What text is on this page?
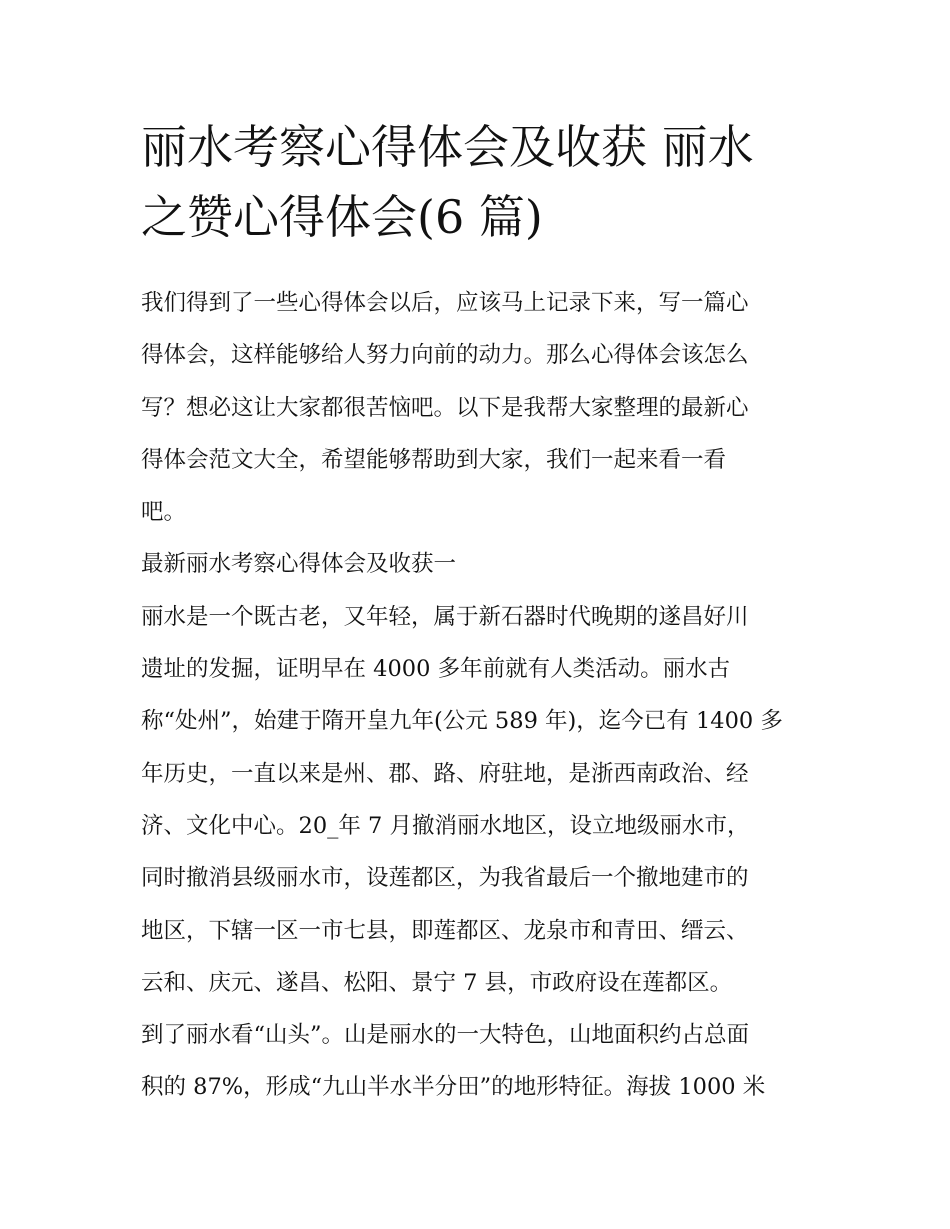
丽水考察心得体会及收获 丽水
之赞心得体会(6 篇)
我们得到了一些心得体会以后，应该马上记录下来，写一篇心
得体会，这样能够给人努力向前的动力。那么心得体会该怎么
写？想必这让大家都很苦恼吧。以下是我帮大家整理的最新心
得体会范文大全，希望能够帮助到大家，我们一起来看一看
吧。
最新丽水考察心得体会及收获一
丽水是一个既古老，又年轻，属于新石器时代晚期的遂昌好川
遗址的发掘，证明早在 4000 多年前就有人类活动。丽水古
称“处州”，始建于隋开皇九年(公元 589 年)，迄今已有 1400 多
年历史，一直以来是州、郡、路、府驻地，是浙西南政治、经
济、文化中心。20_年 7 月撤消丽水地区，设立地级丽水市，
同时撤消县级丽水市，设莲都区，为我省最后一个撤地建市的
地区，下辖一区一市七县，即莲都区、龙泉市和青田、缙云、
云和、庆元、遂昌、松阳、景宁 7 县，市政府设在莲都区。
到了丽水看“山头”。山是丽水的一大特色，山地面积约占总面
积的 87%，形成“九山半水半分田”的地形特征。海拔 1000 米
